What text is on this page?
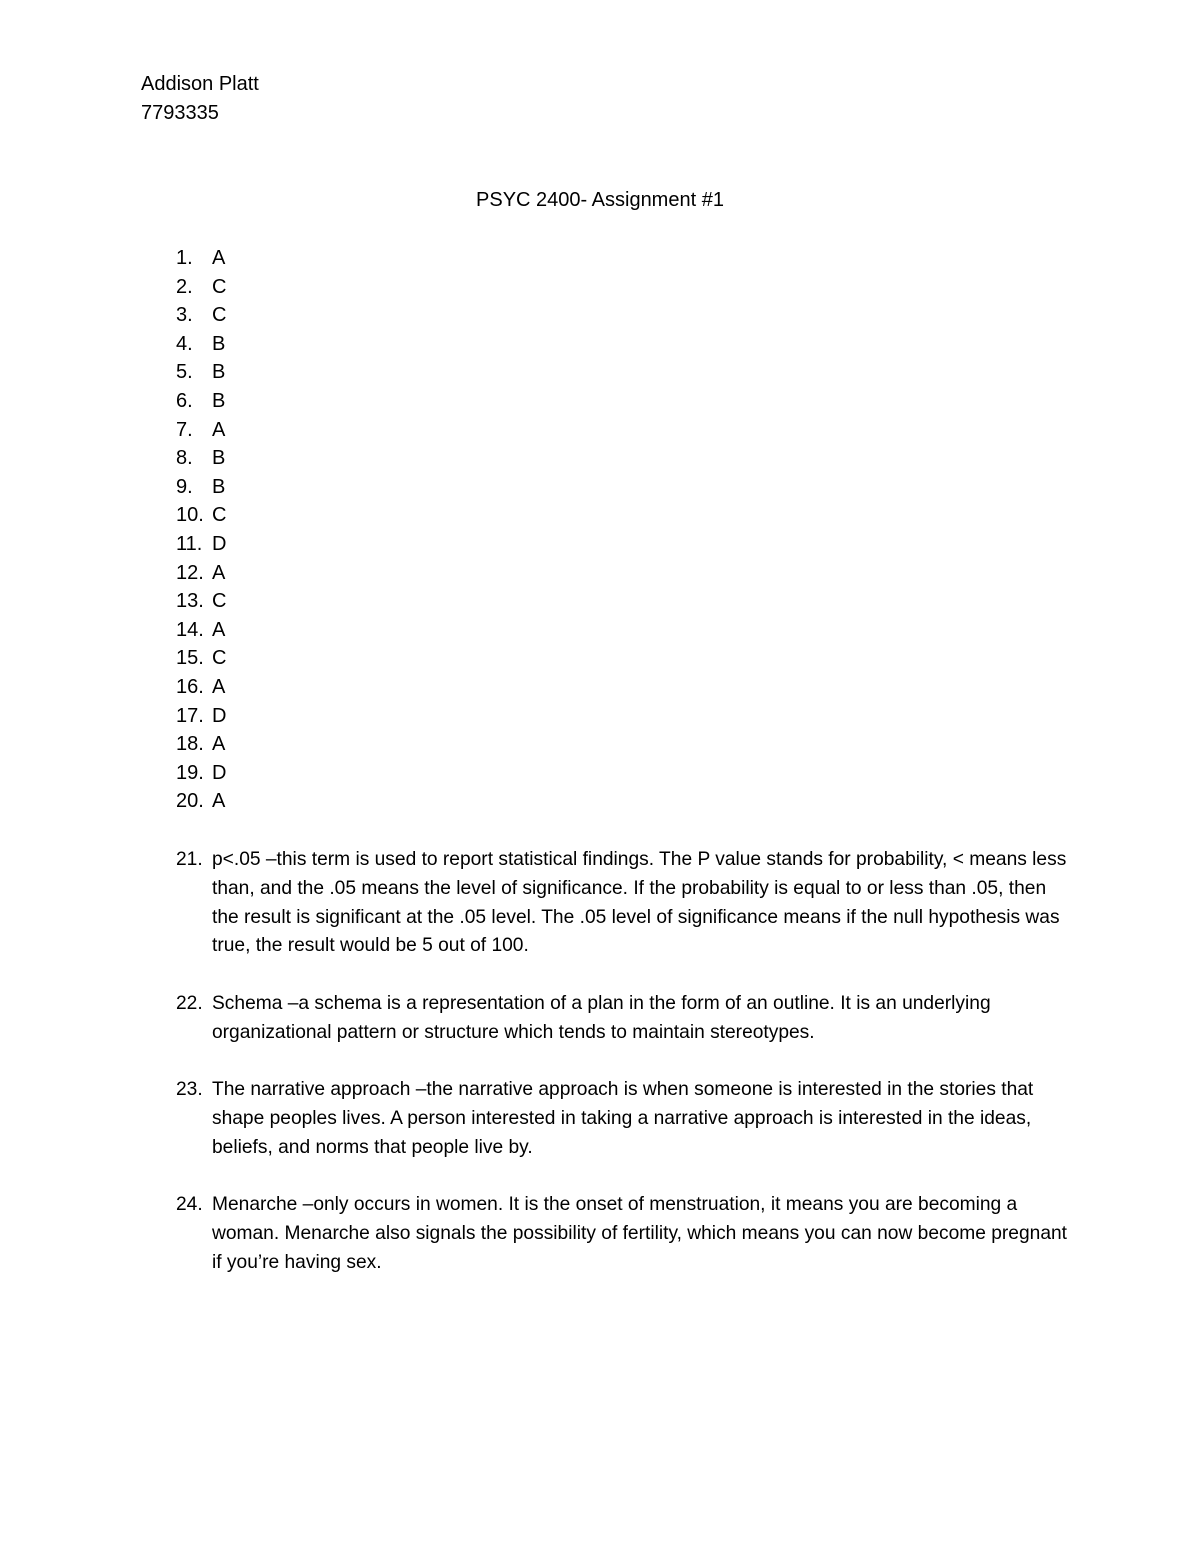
Addison Platt
7793335
PSYC 2400- Assignment #1
1. A
2. C
3. C
4. B
5. B
6. B
7. A
8. B
9. B
10. C
11. D
12. A
13. C
14. A
15. C
16. A
17. D
18. A
19. D
20. A
21. p<.05 –this term is used to report statistical findings. The P value stands for probability, < means less than, and the .05 means the level of significance. If the probability is equal to or less than .05, then the result is significant at the .05 level. The .05 level of significance means if the null hypothesis was true, the result would be 5 out of 100.
22. Schema –a schema is a representation of a plan in the form of an outline. It is an underlying organizational pattern or structure which tends to maintain stereotypes.
23. The narrative approach –the narrative approach is when someone is interested in the stories that shape peoples lives. A person interested in taking a narrative approach is interested in the ideas, beliefs, and norms that people live by.
24. Menarche –only occurs in women. It is the onset of menstruation, it means you are becoming a woman. Menarche also signals the possibility of fertility, which means you can now become pregnant if you’re having sex.
